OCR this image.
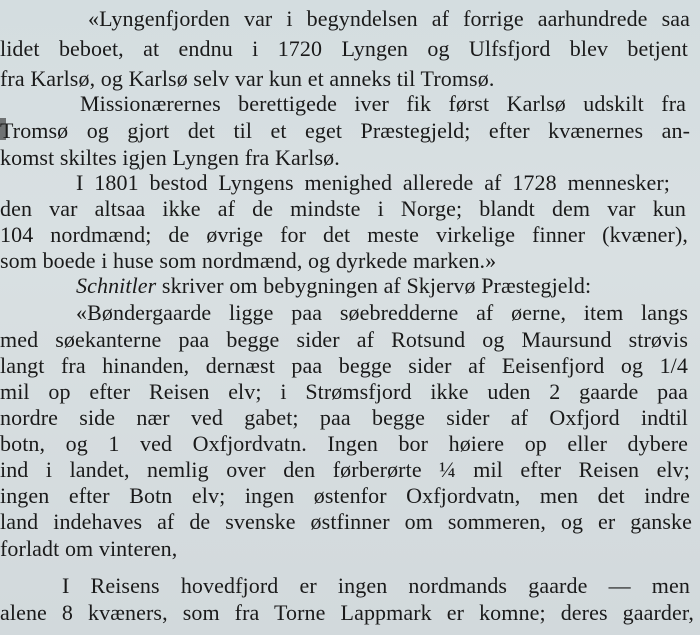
«Lyngenfjorden var i begyndelsen af forrige aarhundrede saa
lidet beboet, at endnu i 1720 Lyngen og Ulfsfjord blev betjent
fra Karlsø, og Karlsø selv var kun et anneks til Tromsø.
Missionærernes berettigede iver fik først Karlsø udskilt fra
Tromsø og gjort det til et eget Præstegjeld; efter kvænernes an-
komst skiltes igjen Lyngen fra Karlsø.
I 1801 bestod Lyngens menighed allerede af 1728 mennesker;
den var altsaa ikke af de mindste i Norge; blandt dem var kun
104 nordmænd; de øvrige for det meste virkelige finner (kvæner),
som boede i huse som nordmænd, og dyrkede marken.»
Schnitler skriver om bebygningen af Skjervø Præstegjeld:
«Bøndergaarde ligge paa søebredderne af øerne, item langs
med søekanterne paa begge sider af Rotsund og Maursund strøvis
langt fra hinanden, dernæst paa begge sider af Eeisenfjord og 1/4
mil op efter Reisen elv; i Strømsfjord ikke uden 2 gaarde paa
nordre side nær ved gabet; paa begge sider af Oxfjord indtil
botn, og 1 ved Oxfjordvatn. Ingen bor høiere op eller dybere
ind i landet, nemlig over den førberørte ¼ mil efter Reisen elv;
ingen efter Botn elv; ingen østenfor Oxfjordvatn, men det indre
land indehaves af de svenske østfinner om sommeren, og er ganske
forladt om vinteren,
I Reisens hovedfjord er ingen nordmands gaarde — men
alene 8 kvæners, som fra Torne Lappmark er komne; deres gaarder,
